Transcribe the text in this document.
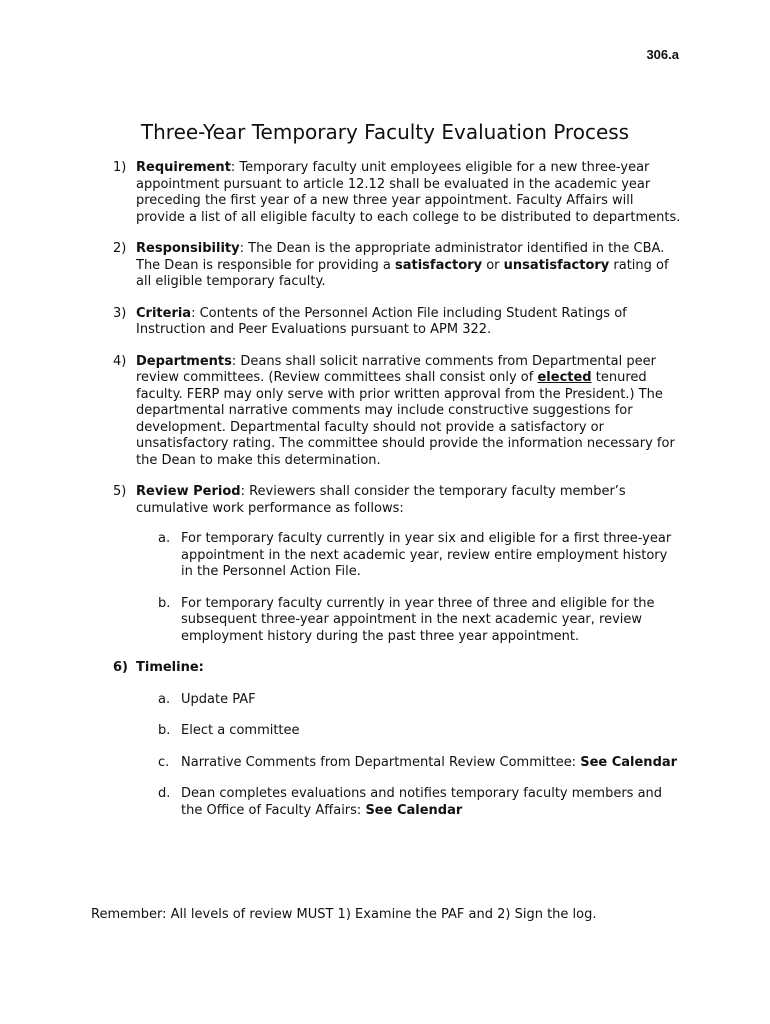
306.a
Three-Year Temporary Faculty Evaluation Process
1) Requirement: Temporary faculty unit employees eligible for a new three-year appointment pursuant to article 12.12 shall be evaluated in the academic year preceding the first year of a new three year appointment. Faculty Affairs will provide a list of all eligible faculty to each college to be distributed to departments.

2) Responsibility: The Dean is the appropriate administrator identified in the CBA. The Dean is responsible for providing a satisfactory or unsatisfactory rating of all eligible temporary faculty.

3) Criteria: Contents of the Personnel Action File including Student Ratings of Instruction and Peer Evaluations pursuant to APM 322.

4) Departments: Deans shall solicit narrative comments from Departmental peer review committees. (Review committees shall consist only of elected tenured faculty. FERP may only serve with prior written approval from the President.) The departmental narrative comments may include constructive suggestions for development. Departmental faculty should not provide a satisfactory or unsatisfactory rating. The committee should provide the information necessary for the Dean to make this determination.

5) Review Period: Reviewers shall consider the temporary faculty member’s cumulative work performance as follows:

a. For temporary faculty currently in year six and eligible for a first three-year appointment in the next academic year, review entire employment history in the Personnel Action File.
b. For temporary faculty currently in year three of three and eligible for the subsequent three-year appointment in the next academic year, review employment history during the past three year appointment.
6) Timeline:

a. Update PAF
b. Elect a committee
c. Narrative Comments from Departmental Review Committee: See Calendar
d. Dean completes evaluations and notifies temporary faculty members and the Office of Faculty Affairs: See Calendar
Remember: All levels of review MUST 1) Examine the PAF and 2) Sign the log.
